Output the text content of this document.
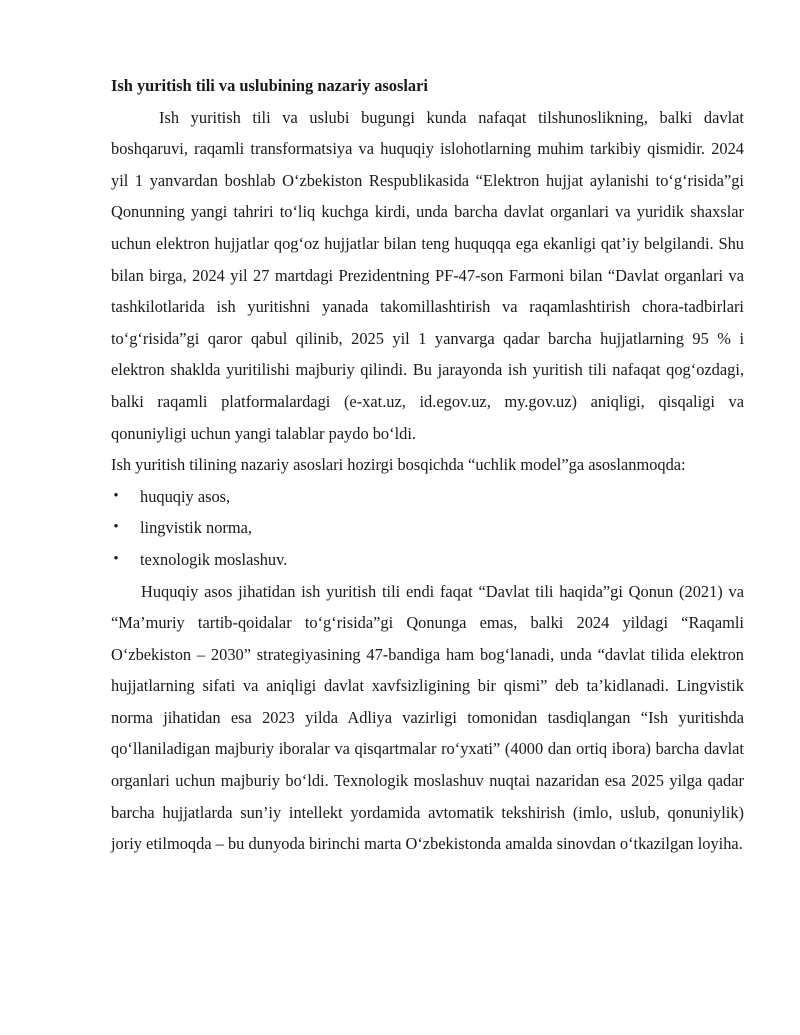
Ish yuritish tili va uslubining nazariy asoslari

Ish yuritish tili va uslubi bugungi kunda nafaqat tilshunoslikning, balki davlat boshqaruvi, raqamli transformatsiya va huquqiy islohotlarning muhim tarkibiy qismidir. 2024 yil 1 yanvardan boshlab O‘zbekiston Respublikasida “Elektron hujjat aylanishi to‘g‘risida”gi Qonunning yangi tahriri to‘liq kuchga kirdi, unda barcha davlat organlari va yuridik shaxslar uchun elektron hujjatlar qog‘oz hujjatlar bilan teng huquqqa ega ekanligi qat’iy belgilandi. Shu bilan birga, 2024 yil 27 martdagi Prezidentning PF-47-son Farmoni bilan “Davlat organlari va tashkilotlarida ish yuritishni yanada takomillashtirish va raqamlashtirish chora-tadbirlari to‘g‘risida”gi qaror qabul qilinib, 2025 yil 1 yanvarga qadar barcha hujjatlarning 95 % i elektron shaklda yuritilishi majburiy qilindi. Bu jarayonda ish yuritish tili nafaqat qog‘ozdagi, balki raqamli platformalardagi (e-xat.uz, id.egov.uz, my.gov.uz) aniqligi, qisqaligi va qonuniyligi uchun yangi talablar paydo bo‘ldi.

Ish yuritish tilining nazariy asoslari hozirgi bosqichda “uchlik model”ga asoslanmoqda:

• huquqiy asos,
• lingvistik norma,
• texnologik moslashuv.

Huquqiy asos jihatidan ish yuritish tili endi faqat “Davlat tili haqida”gi Qonun (2021) va “Ma’muriy tartib-qoidalar to‘g‘risida”gi Qonunga emas, balki 2024 yildagi “Raqamli O‘zbekiston – 2030” strategiyasining 47-bandiga ham bog‘lanadi, unda “davlat tilida elektron hujjatlarning sifati va aniqligi davlat xavfsizligining bir qismi” deb ta’kidlanadi. Lingvistik norma jihatidan esa 2023 yilda Adliya vazirligi tomonidan tasdiqlangan “Ish yuritishda qo‘llaniladigan majburiy iboralar va qisqartmalar ro‘yxati” (4000 dan ortiq ibora) barcha davlat organlari uchun majburiy bo‘ldi. Texnologik moslashuv nuqtai nazaridan esa 2025 yilga qadar barcha hujjatlarda sun’iy intellekt yordamida avtomatik tekshirish (imlo, uslub, qonuniylik) joriy etilmoqda – bu dunyoda birinchi marta O‘zbekistonda amalda sinovdan o‘tkazilgan loyiha.
